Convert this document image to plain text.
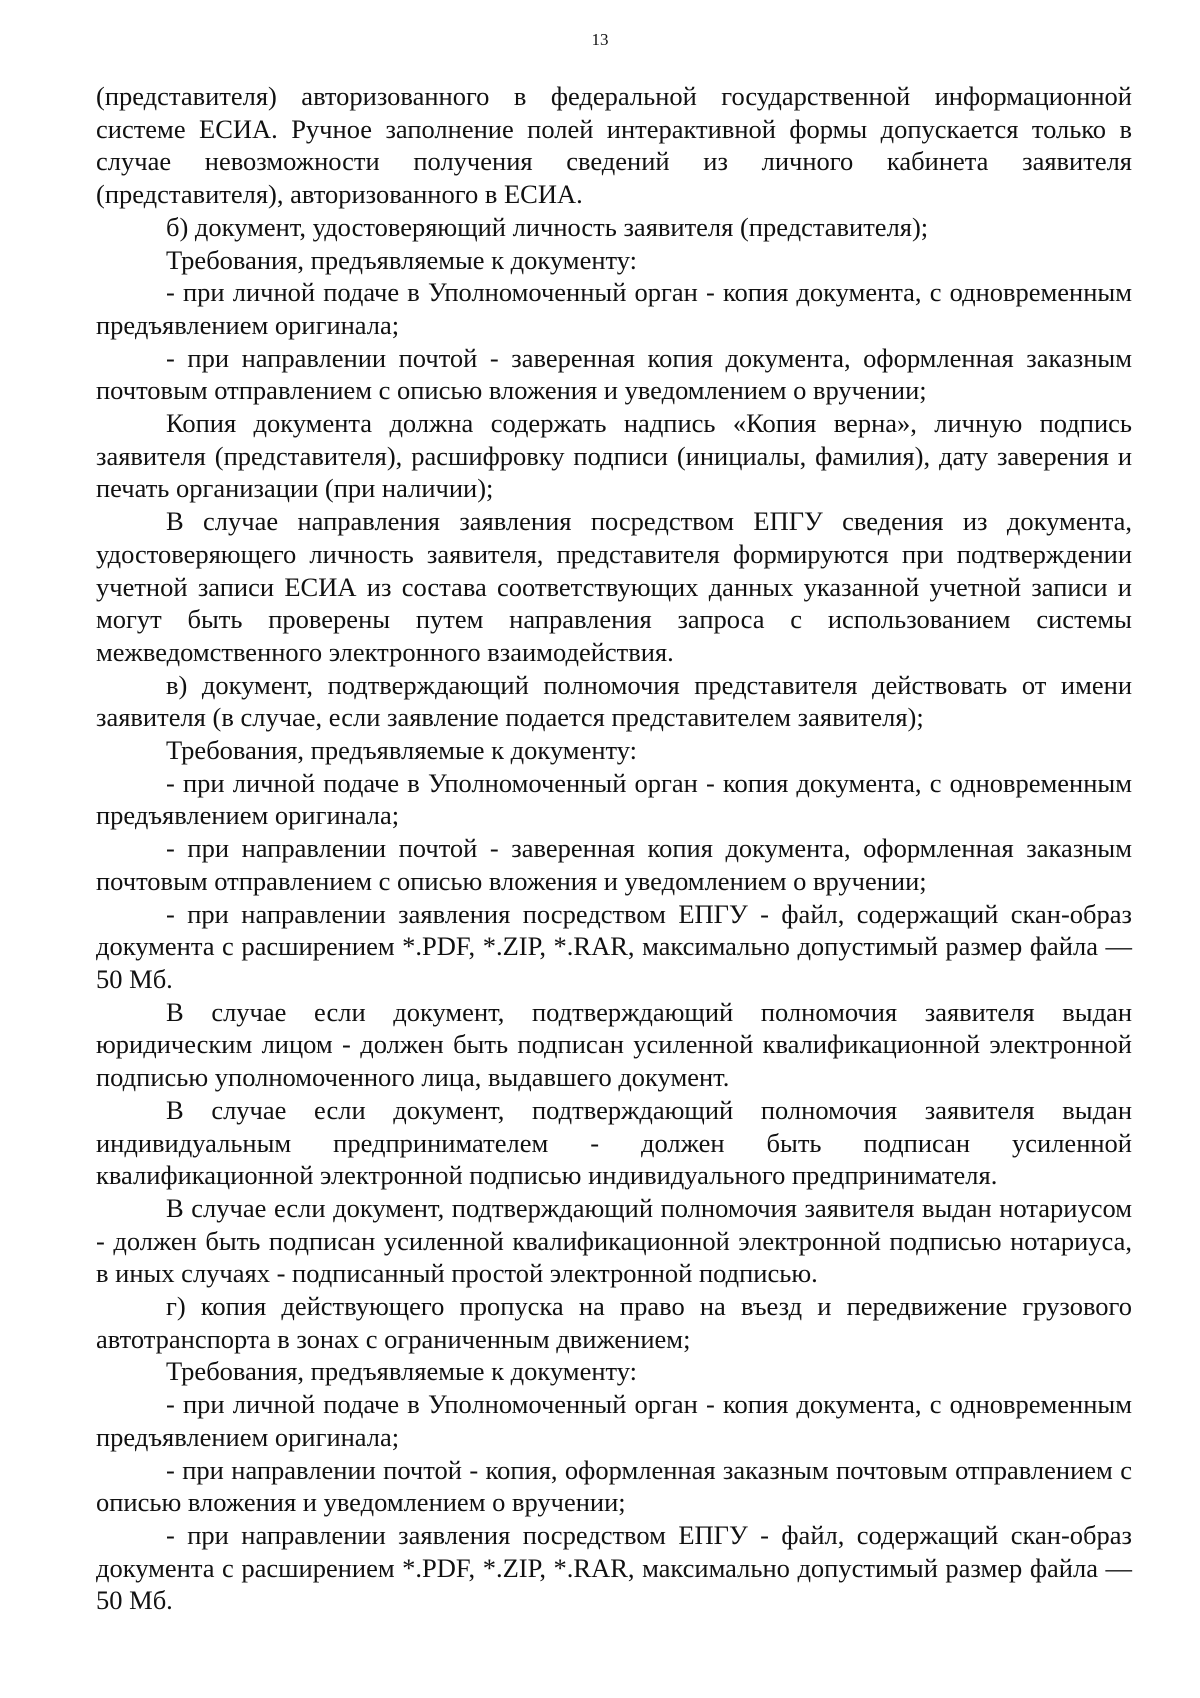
13

(представителя) авторизованного в федеральной государственной информационной системе ЕСИА. Ручное заполнение полей интерактивной формы допускается только в случае невозможности получения сведений из личного кабинета заявителя (представителя), авторизованного в ЕСИА.

б) документ, удостоверяющий личность заявителя (представителя);

Требования, предъявляемые к документу:

- при личной подаче в Уполномоченный орган - копия документа, с одновременным предъявлением оригинала;

- при направлении почтой - заверенная копия документа, оформленная заказным почтовым отправлением с описью вложения и уведомлением о вручении;

Копия документа должна содержать надпись «Копия верна», личную подпись заявителя (представителя), расшифровку подписи (инициалы, фамилия), дату заверения и печать организации (при наличии);

В случае направления заявления посредством ЕПГУ сведения из документа, удостоверяющего личность заявителя, представителя формируются при подтверждении учетной записи ЕСИА из состава соответствующих данных указанной учетной записи и могут быть проверены путем направления запроса с использованием системы межведомственного электронного взаимодействия.

в) документ, подтверждающий полномочия представителя действовать от имени заявителя (в случае, если заявление подается представителем заявителя);

Требования, предъявляемые к документу:

- при личной подаче в Уполномоченный орган - копия документа, с одновременным предъявлением оригинала;

- при направлении почтой - заверенная копия документа, оформленная заказным почтовым отправлением с описью вложения и уведомлением о вручении;

- при направлении заявления посредством ЕПГУ - файл, содержащий скан-образ документа с расширением *.PDF, *.ZIP, *.RAR, максимально допустимый размер файла — 50 Мб.

В случае если документ, подтверждающий полномочия заявителя выдан юридическим лицом - должен быть подписан усиленной квалификационной электронной подписью уполномоченного лица, выдавшего документ.

В случае если документ, подтверждающий полномочия заявителя выдан индивидуальным предпринимателем - должен быть подписан усиленной квалификационной электронной подписью индивидуального предпринимателя.

В случае если документ, подтверждающий полномочия заявителя выдан нотариусом - должен быть подписан усиленной квалификационной электронной подписью нотариуса, в иных случаях - подписанный простой электронной подписью.

г) копия действующего пропуска на право на въезд и передвижение грузового автотранспорта в зонах с ограниченным движением;

Требования, предъявляемые к документу:

- при личной подаче в Уполномоченный орган - копия документа, с одновременным предъявлением оригинала;

- при направлении почтой - копия, оформленная заказным почтовым отправлением с описью вложения и уведомлением о вручении;

- при направлении заявления посредством ЕПГУ - файл, содержащий скан-образ документа с расширением *.PDF, *.ZIP, *.RAR, максимально допустимый размер файла — 50 Мб.
